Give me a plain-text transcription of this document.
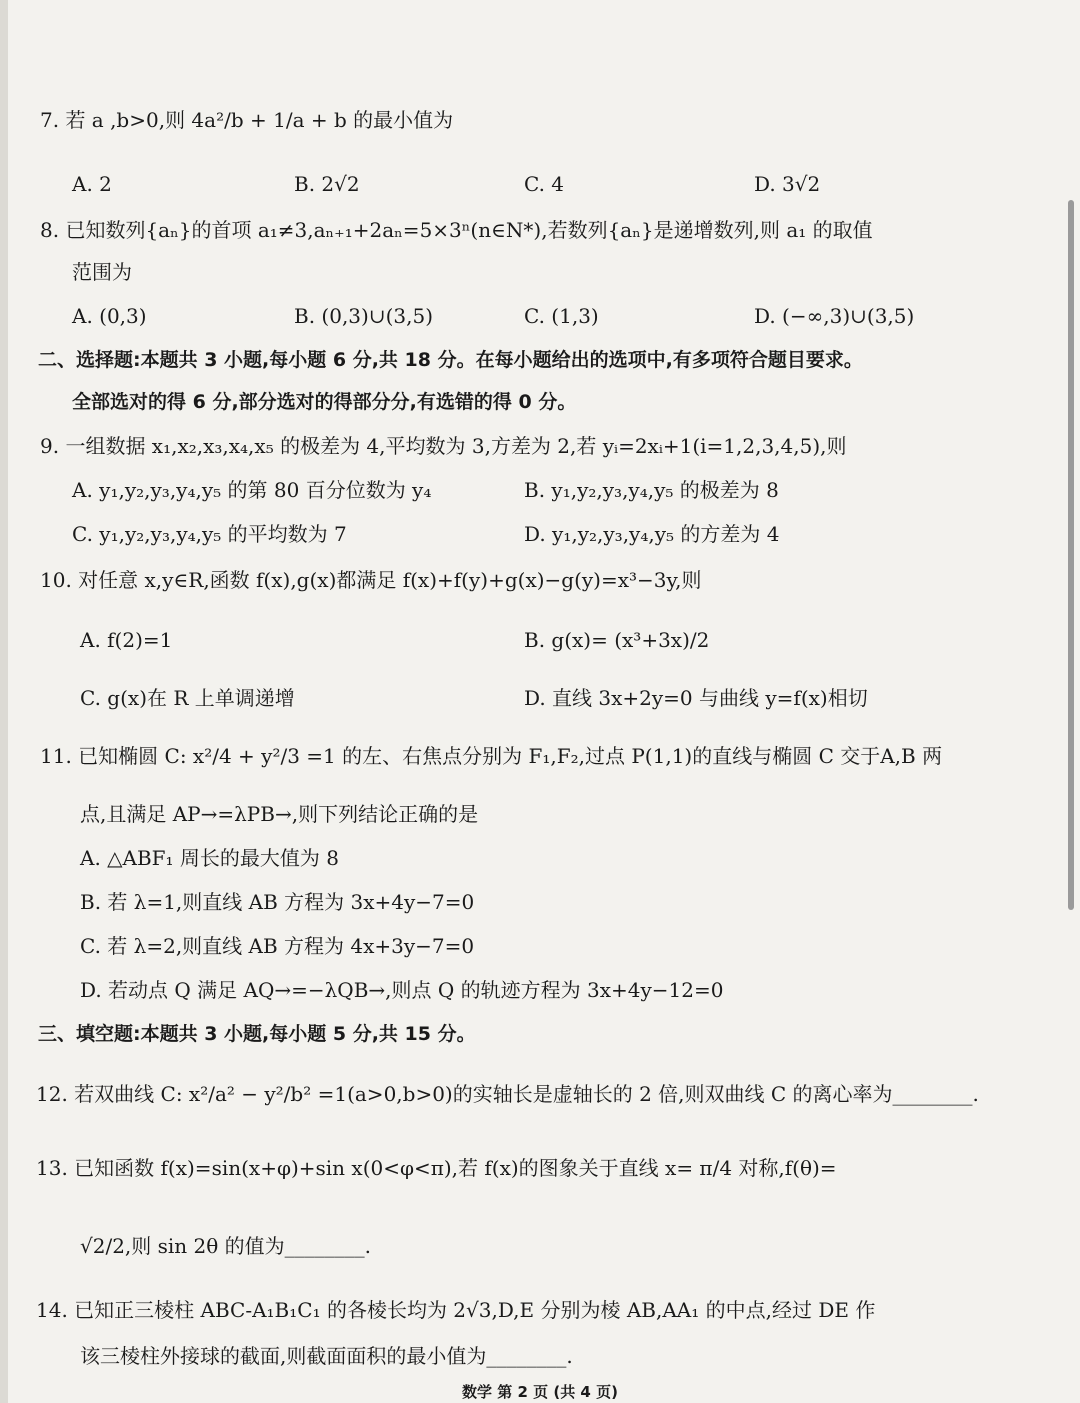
7. 若 a ,b>0,则 4a²/b + 1/a + b 的最小值为
A. 2	B. 2√2	C. 4	D. 3√2
8. 已知数列{aₙ}的首项 a₁≠3,aₙ₊₁+2aₙ=5×3ⁿ(n∈N*),若数列{aₙ}是递增数列,则 a₁ 的取值
范围为
A. (0,3)	B. (0,3)∪(3,5)	C. (1,3)	D. (−∞,3)∪(3,5)
二、选择题:本题共 3 小题,每小题 6 分,共 18 分。在每小题给出的选项中,有多项符合题目要求。
全部选对的得 6 分,部分选对的得部分分,有选错的得 0 分。
9. 一组数据 x₁,x₂,x₃,x₄,x₅ 的极差为 4,平均数为 3,方差为 2,若 yᵢ=2xᵢ+1(i=1,2,3,4,5),则
A. y₁,y₂,y₃,y₄,y₅ 的第 80 百分位数为 y₄	B. y₁,y₂,y₃,y₄,y₅ 的极差为 8
C. y₁,y₂,y₃,y₄,y₅ 的平均数为 7	D. y₁,y₂,y₃,y₄,y₅ 的方差为 4
10. 对任意 x,y∈R,函数 f(x),g(x)都满足 f(x)+f(y)+g(x)−g(y)=x³−3y,则
A. f(2)=1	B. g(x)= (x³+3x)/2
C. g(x)在 R 上单调递增	D. 直线 3x+2y=0 与曲线 y=f(x)相切
11. 已知椭圆 C: x²/4 + y²/3 =1 的左、右焦点分别为 F₁,F₂,过点 P(1,1)的直线与椭圆 C 交于A,B 两
点,且满足 AP→=λPB→,则下列结论正确的是
A. △ABF₁ 周长的最大值为 8
B. 若 λ=1,则直线 AB 方程为 3x+4y−7=0
C. 若 λ=2,则直线 AB 方程为 4x+3y−7=0
D. 若动点 Q 满足 AQ→=−λQB→,则点 Q 的轨迹方程为 3x+4y−12=0
三、填空题:本题共 3 小题,每小题 5 分,共 15 分。
12. 若双曲线 C: x²/a² − y²/b² =1(a>0,b>0)的实轴长是虚轴长的 2 倍,则双曲线 C 的离心率为________.
13. 已知函数 f(x)=sin(x+φ)+sin x(0<φ<π),若 f(x)的图象关于直线 x= π/4 对称,f(θ)=
√2/2,则 sin 2θ 的值为________.
14. 已知正三棱柱 ABC-A₁B₁C₁ 的各棱长均为 2√3,D,E 分别为棱 AB,AA₁ 的中点,经过 DE 作
该三棱柱外接球的截面,则截面面积的最小值为________.
数学 第 2 页 (共 4 页)
